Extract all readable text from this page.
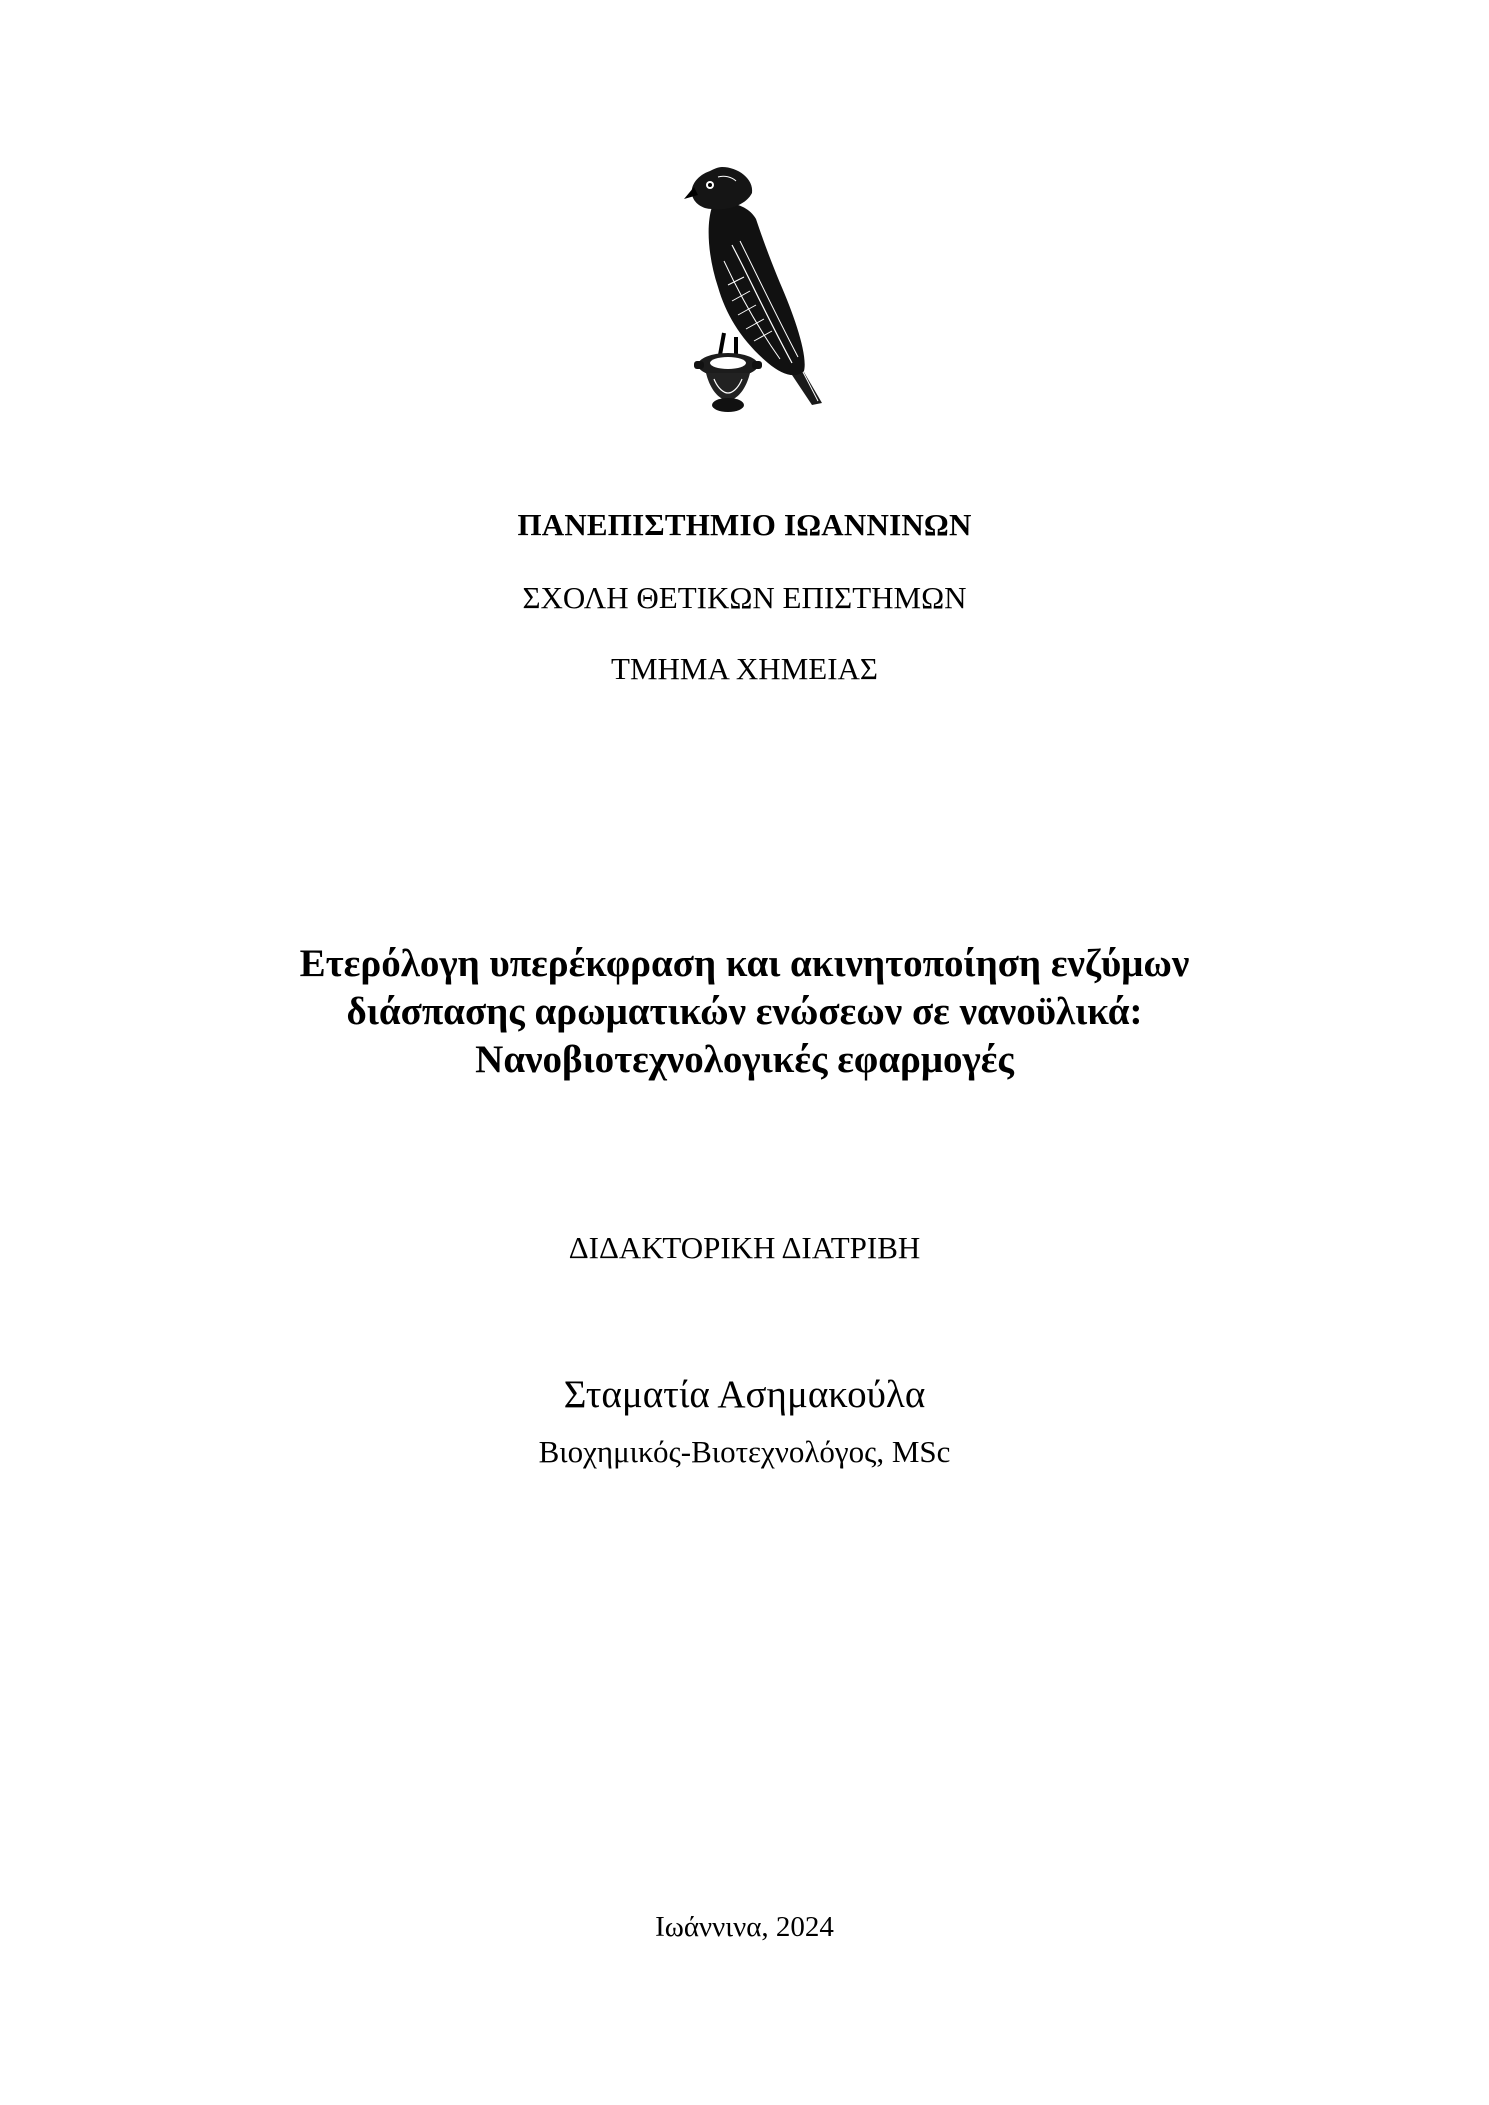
ΠΑΝΕΠΙΣΤΗΜΙΟ ΙΩΑΝΝΙΝΩΝ
ΣΧΟΛΗ ΘΕΤΙΚΩΝ ΕΠΙΣΤΗΜΩΝ
ΤΜΗΜΑ ΧΗΜΕΙΑΣ
Ετερόλογη υπερέκφραση και ακινητοποίηση ενζύμων
διάσπασης αρωματικών ενώσεων σε νανοϋλικά:
Νανοβιοτεχνολογικές εφαρμογές
ΔΙΔΑΚΤΟΡΙΚΗ ΔΙΑΤΡΙΒΗ
Σταματία Ασημακούλα
Βιοχημικός-Βιοτεχνολόγος, MSc
Ιωάννινα, 2024
